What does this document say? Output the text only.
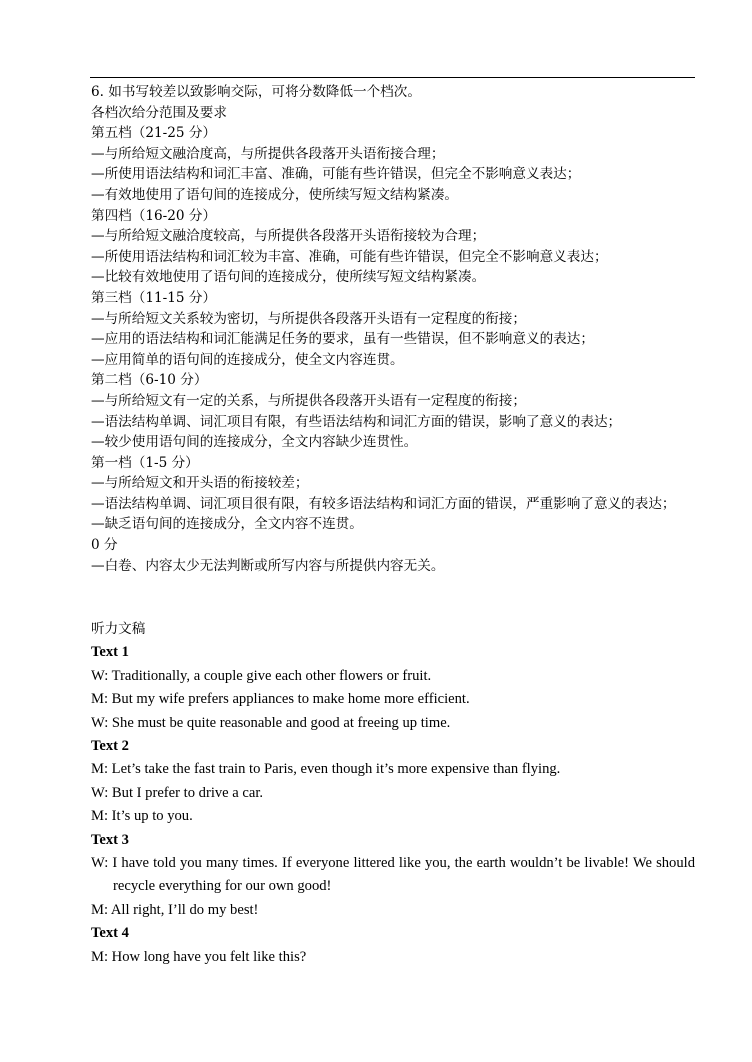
6. 如书写较差以致影响交际，可将分数降低一个档次。
各档次给分范围及要求
第五档（21-25 分）
—与所给短文融洽度高，与所提供各段落开头语衔接合理；
—所使用语法结构和词汇丰富、准确，可能有些许错误，但完全不影响意义表达；
—有效地使用了语句间的连接成分，使所续写短文结构紧凑。
第四档（16-20 分）
—与所给短文融洽度较高，与所提供各段落开头语衔接较为合理；
—所使用语法结构和词汇较为丰富、准确，可能有些许错误，但完全不影响意义表达；
—比较有效地使用了语句间的连接成分，使所续写短文结构紧凑。
第三档（11-15 分）
—与所给短文关系较为密切，与所提供各段落开头语有一定程度的衔接；
—应用的语法结构和词汇能满足任务的要求，虽有一些错误，但不影响意义的表达；
—应用简单的语句间的连接成分，使全文内容连贯。
第二档（6-10 分）
—与所给短文有一定的关系，与所提供各段落开头语有一定程度的衔接；
—语法结构单调、词汇项目有限，有些语法结构和词汇方面的错误，影响了意义的表达；
—较少使用语句间的连接成分，全文内容缺少连贯性。
第一档（1-5 分）
—与所给短文和开头语的衔接较差；
—语法结构单调、词汇项目很有限，有较多语法结构和词汇方面的错误，严重影响了意义的表达；
—缺乏语句间的连接成分，全文内容不连贯。
0 分
—白卷、内容太少无法判断或所写内容与所提供内容无关。
听力文稿
Text 1
W: Traditionally, a couple give each other flowers or fruit.
M: But my wife prefers appliances to make home more efficient.
W: She must be quite reasonable and good at freeing up time.
Text 2
M: Let’s take the fast train to Paris, even though it’s more expensive than flying.
W: But I prefer to drive a car.
M: It’s up to you.
Text 3
W: I have told you many times. If everyone littered like you, the earth wouldn’t be livable! We should recycle everything for our own good!
M: All right, I’ll do my best!
Text 4
M: How long have you felt like this?
